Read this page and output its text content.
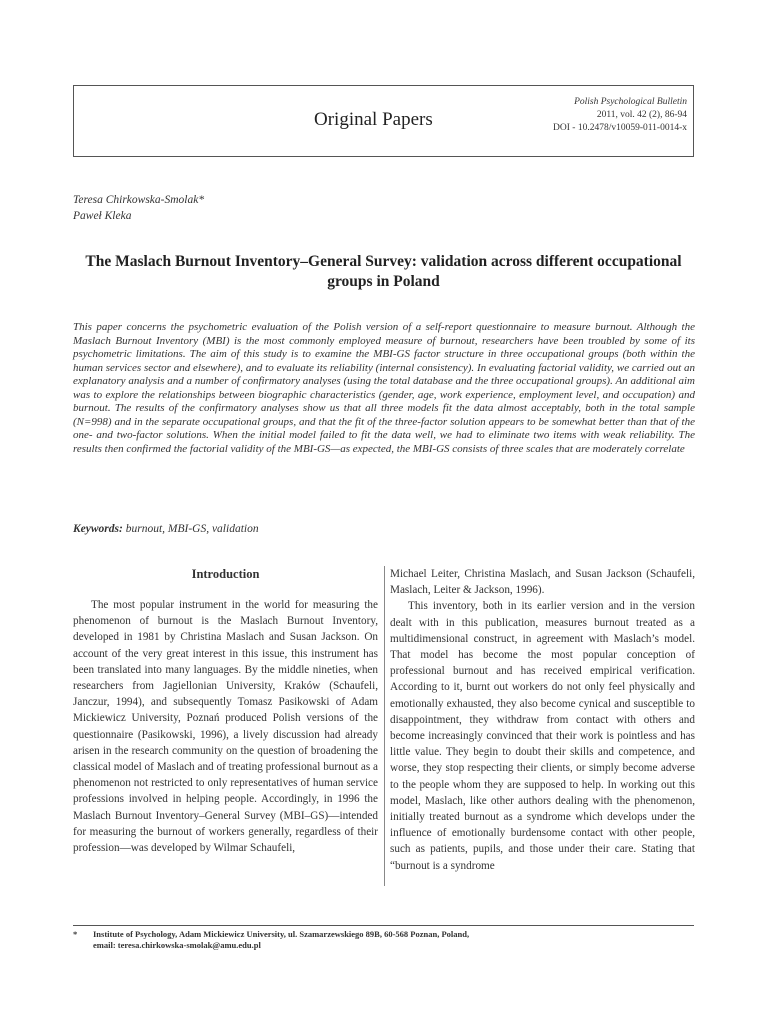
Original Papers
Polish Psychological Bulletin
2011, vol. 42 (2), 86-94
DOI - 10.2478/v10059-011-0014-x
Teresa Chirkowska-Smolak*
Paweł Kleka
The Maslach Burnout Inventory–General Survey: validation across different occupational groups in Poland

This paper concerns the psychometric evaluation of the Polish version of a self-report questionnaire to measure burnout. Although the Maslach Burnout Inventory (MBI) is the most commonly employed measure of burnout, researchers have been troubled by some of its psychometric limitations. The aim of this study is to examine the MBI-GS factor structure in three occupational groups (both within the human services sector and elsewhere), and to evaluate its reliability (internal consistency). In evaluating factorial validity, we carried out an explanatory analysis and a number of confirmatory analyses (using the total database and the three occupational groups). An additional aim was to explore the relationships between biographic characteristics (gender, age, work experience, employment level, and occupation) and burnout. The results of the confirmatory analyses show us that all three models fit the data almost acceptably, both in the total sample (N=998) and in the separate occupational groups, and that the fit of the three-factor solution appears to be somewhat better than that of the one- and two-factor solutions. When the initial model failed to fit the data well, we had to eliminate two items with weak reliability. The results then confirmed the factorial validity of the MBI-GS—as expected, the MBI-GS consists of three scales that are moderately correlate

Keywords: burnout, MBI-GS, validation
Introduction

The most popular instrument in the world for measuring the phenomenon of burnout is the Maslach Burnout Inventory, developed in 1981 by Christina Maslach and Susan Jackson. On account of the very great interest in this issue, this instrument has been translated into many languages. By the middle nineties, when researchers from Jagiellonian University, Kraków (Schaufeli, Janczur, 1994), and subsequently Tomasz Pasikowski of Adam Mickiewicz University, Poznań produced Polish versions of the questionnaire (Pasikowski, 1996), a lively discussion had already arisen in the research community on the question of broadening the classical model of Maslach and of treating professional burnout as a phenomenon not restricted to only representatives of human service professions involved in helping people. Accordingly, in 1996 the Maslach Burnout Inventory–General Survey (MBI–GS)—intended for measuring the burnout of workers generally, regardless of their profession—was developed by Wilmar Schaufeli,

Michael Leiter, Christina Maslach, and Susan Jackson (Schaufeli, Maslach, Leiter & Jackson, 1996).

This inventory, both in its earlier version and in the version dealt with in this publication, measures burnout treated as a multidimensional construct, in agreement with Maslach’s model. That model has become the most popular conception of professional burnout and has received empirical verification. According to it, burnt out workers do not only feel physically and emotionally exhausted, they also become cynical and susceptible to disappointment, they withdraw from contact with others and become increasingly convinced that their work is pointless and has little value. They begin to doubt their skills and competence, and worse, they stop respecting their clients, or simply become adverse to the people whom they are supposed to help. In working out this model, Maslach, like other authors dealing with the phenomenon, initially treated burnout as a syndrome which develops under the influence of emotionally burdensome contact with other people, such as patients, pupils, and those under their care. Stating that “burnout is a syndrome

* Institute of Psychology, Adam Mickiewicz University, ul. Szamarzewskiego 89B, 60-568 Poznan, Poland,
email: teresa.chirkowska-smolak@amu.edu.pl
